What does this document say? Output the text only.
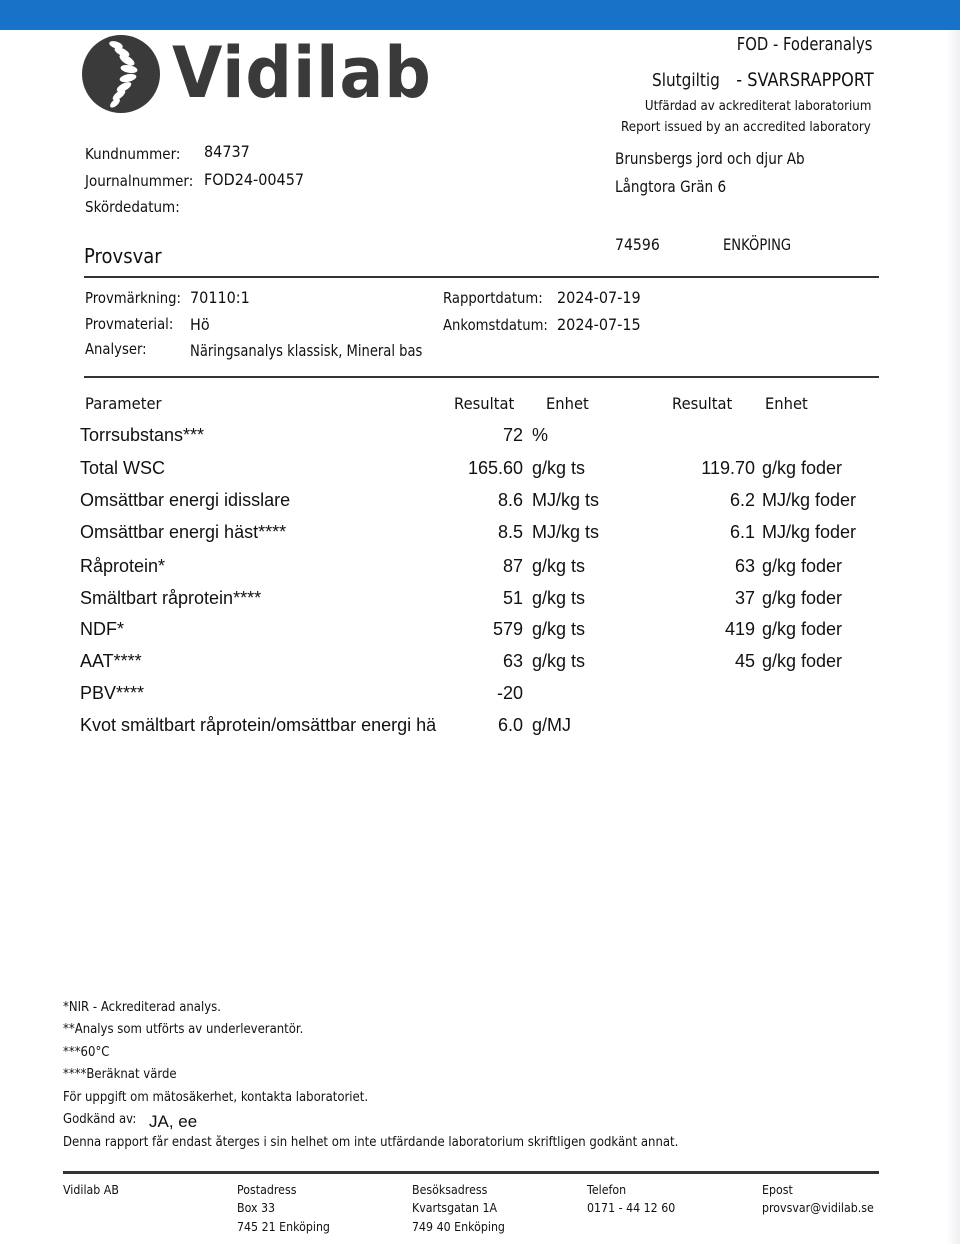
Vidilab	FOD - Foderanalys
Slutgiltig - SVARSRAPPORT
Utfärdad av ackrediterat laboratorium
Report issued by an accredited laboratory
Kundnummer: 84737
Journalnummer: FOD24-00457
Skördedatum:
Brunsbergs jord och djur Ab
Långtora Grän 6
74596	ENKÖPING
Provsvar
Provmärkning: 70110:1
Provmaterial: Hö
Analyser:	Näringsanalys klassisk, Mineral bas
Rapportdatum: 2024-07-19
Ankomstdatum: 2024-07-15
Parameter	Resultat Enhet	Resultat Enhet
Torrsubstans***	72 %
Total WSC	165.60 g/kg ts	119.70 g/kg foder
Omsättbar energi idisslare	8.6 MJ/kg ts	6.2 MJ/kg foder
Omsättbar energi häst****	8.5 MJ/kg ts	6.1 MJ/kg foder
Råprotein*	87 g/kg ts	63 g/kg foder
Smältbart råprotein****	51 g/kg ts	37 g/kg foder
NDF*	579 g/kg ts	419 g/kg foder
AAT****	63 g/kg ts	45 g/kg foder
PBV****	-20
Kvot smältbart råprotein/omsättbar energi hä	6.0 g/MJ
*NIR - Ackrediterad analys.
**Analys som utförts av underleverantör.
***60°C
****Beräknat värde
För uppgift om mätosäkerhet, kontakta laboratoriet.
Godkänd av: JA, ee
Denna rapport får endast återges i sin helhet om inte utfärdande laboratorium skriftligen godkänt annat.
Vidilab AB	Postadress
Box 33
745 21 Enköping
Besöksadress
Kvartsgatan 1A
749 40 Enköping
Telefon
0171 - 44 12 60
Epost
provsvar@vidilab.se
